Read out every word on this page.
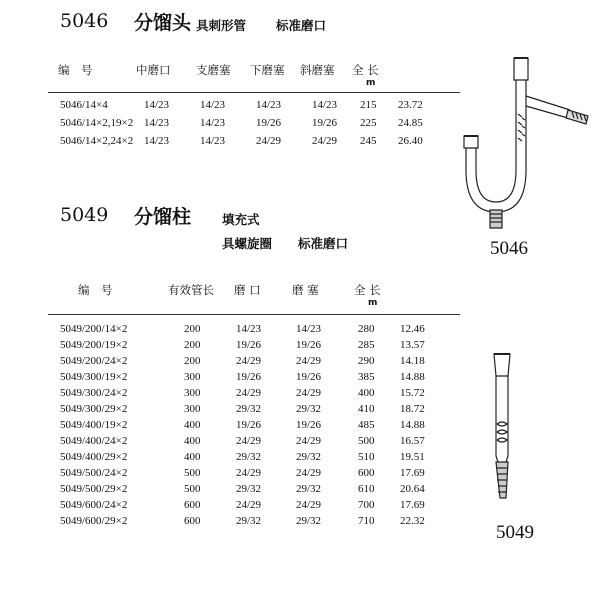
5046 分馏头 具刺形管 标准磨口
编　号	中磨口 支磨塞 下磨塞 斜磨塞 全 长
m
5046/14×4	14/23	14/23	14/23	14/23 215 23.72
5046/14×2,19×2 14/23	14/23	19/26	19/26 225 24.85
5046/14×2,24×2 14/23	14/23	24/29	24/29 245 26.40
5046
5049 分馏柱 填充式
具螺旋圈 标准磨口
编　号	有效管长 磨 口	磨 塞	全 长
m
5049/200/14×2	200	14/23	14/23	280 12.46
5049/200/19×2	200	19/26	19/26	285 13.57
5049/200/24×2	200	24/29	24/29	290 14.18
5049/300/19×2	300	19/26	19/26	385 14.88
5049/300/24×2	300	24/29	24/29	400 15.72
5049/300/29×2	300	29/32	29/32	410 18.72
5049/400/19×2	400	19/26	19/26	485 14.88
5049/400/24×2	400	24/29	24/29	500 16.57
5049/400/29×2	400	29/32	29/32	510 19.51
5049/500/24×2	500	24/29	24/29	600 17.69
5049/500/29×2	500	29/32	29/32	610 20.64
5049/600/24×2	600	24/29	24/29	700 17.69
5049/600/29×2	600	29/32	29/32	710 22.32
5049
